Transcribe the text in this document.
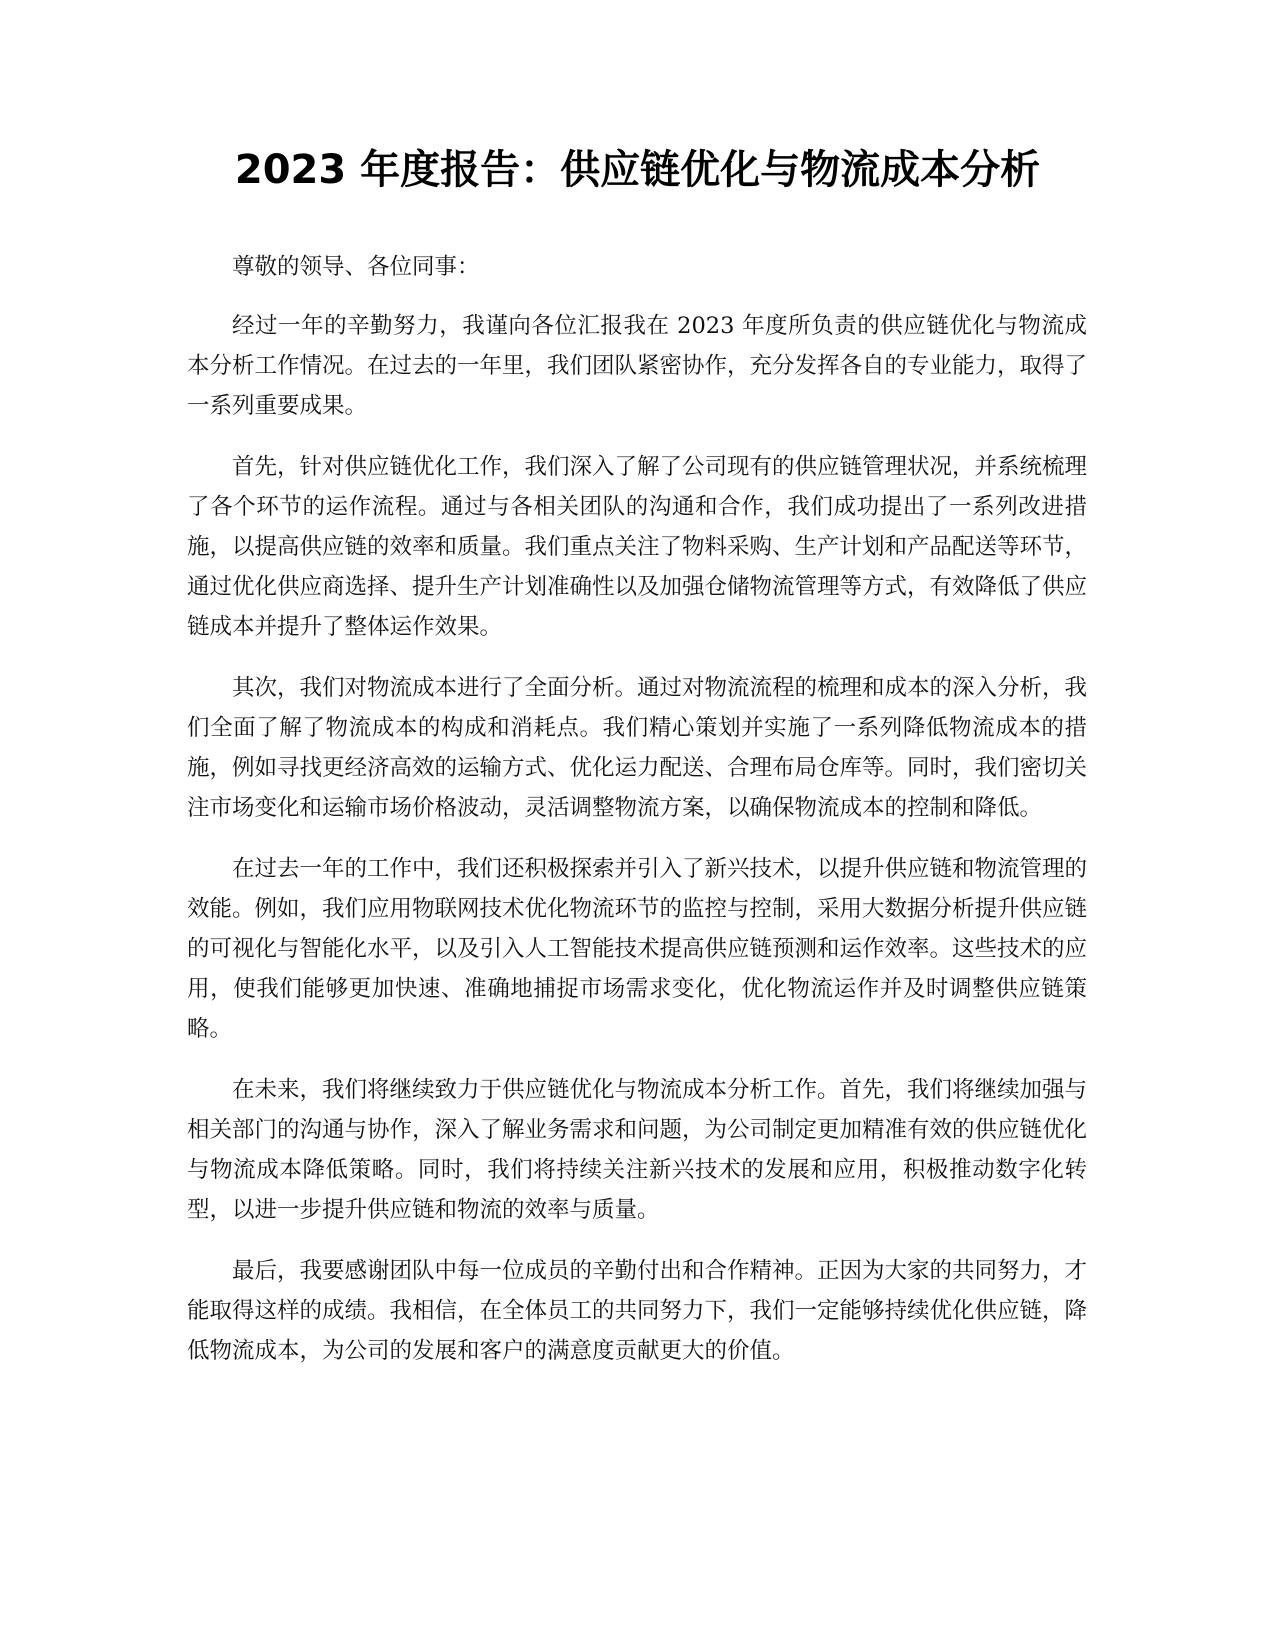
2023 年度报告：供应链优化与物流成本分析

尊敬的领导、各位同事：

经过一年的辛勤努力，我谨向各位汇报我在 2023 年度所负责的供应链优化与物流成本分析工作情况。在过去的一年里，我们团队紧密协作，充分发挥各自的专业能力，取得了一系列重要成果。

首先，针对供应链优化工作，我们深入了解了公司现有的供应链管理状况，并系统梳理了各个环节的运作流程。通过与各相关团队的沟通和合作，我们成功提出了一系列改进措施，以提高供应链的效率和质量。我们重点关注了物料采购、生产计划和产品配送等环节，通过优化供应商选择、提升生产计划准确性以及加强仓储物流管理等方式，有效降低了供应链成本并提升了整体运作效果。

其次，我们对物流成本进行了全面分析。通过对物流流程的梳理和成本的深入分析，我们全面了解了物流成本的构成和消耗点。我们精心策划并实施了一系列降低物流成本的措施，例如寻找更经济高效的运输方式、优化运力配送、合理布局仓库等。同时，我们密切关注市场变化和运输市场价格波动，灵活调整物流方案，以确保物流成本的控制和降低。

在过去一年的工作中，我们还积极探索并引入了新兴技术，以提升供应链和物流管理的效能。例如，我们应用物联网技术优化物流环节的监控与控制，采用大数据分析提升供应链的可视化与智能化水平，以及引入人工智能技术提高供应链预测和运作效率。这些技术的应用，使我们能够更加快速、准确地捕捉市场需求变化，优化物流运作并及时调整供应链策略。

在未来，我们将继续致力于供应链优化与物流成本分析工作。首先，我们将继续加强与相关部门的沟通与协作，深入了解业务需求和问题，为公司制定更加精准有效的供应链优化与物流成本降低策略。同时，我们将持续关注新兴技术的发展和应用，积极推动数字化转型，以进一步提升供应链和物流的效率与质量。

最后，我要感谢团队中每一位成员的辛勤付出和合作精神。正因为大家的共同努力，才能取得这样的成绩。我相信，在全体员工的共同努力下，我们一定能够持续优化供应链，降低物流成本，为公司的发展和客户的满意度贡献更大的价值。
